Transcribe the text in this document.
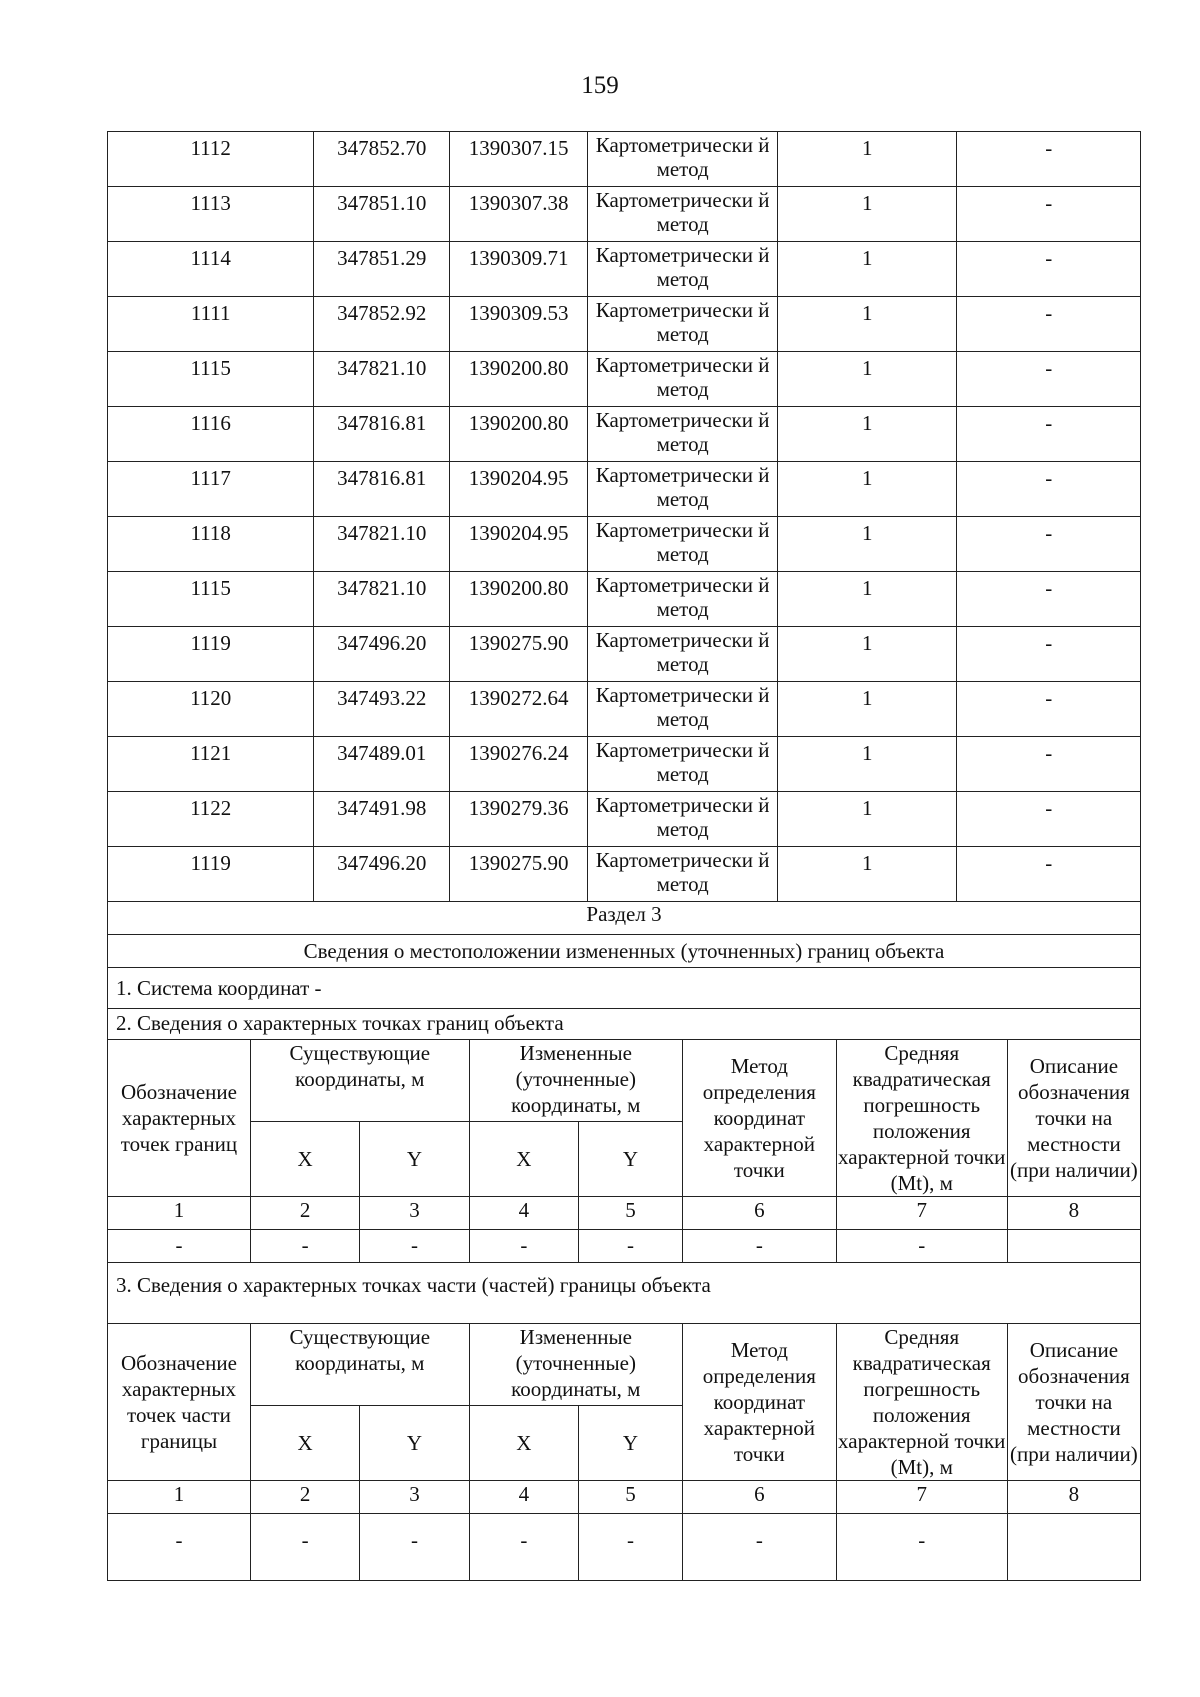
159
1112	347852.70	1390307.15	Картометрически й метод	1	-
1113	347851.10	1390307.38	Картометрически й метод	1	-
1114	347851.29	1390309.71	Картометрически й метод	1	-
1111	347852.92	1390309.53	Картометрически й метод	1	-
1115	347821.10	1390200.80	Картометрически й метод	1	-
1116	347816.81	1390200.80	Картометрически й метод	1	-
1117	347816.81	1390204.95	Картометрически й метод	1	-
1118	347821.10	1390204.95	Картометрически й метод	1	-
1115	347821.10	1390200.80	Картометрически й метод	1	-
1119	347496.20	1390275.90	Картометрически й метод	1	-
1120	347493.22	1390272.64	Картометрически й метод	1	-
1121	347489.01	1390276.24	Картометрически й метод	1	-
1122	347491.98	1390279.36	Картометрически й метод	1	-
1119	347496.20	1390275.90	Картометрически й метод	1	-
Раздел 3							
Сведения о местоположении измененных (уточненных) границ объекта							
1. Система координат -							
2. Сведения о характерных точках границ объекта							
Обозначение характерных точек границ	Существующие координаты, м		Измененные (уточненные) координаты, м		Метод определения координат характерной точки	Средняя квадратическая погрешность положения характерной точки (Mt), м	Описание обозначения точки на местности (при наличии)
	X	Y	X	Y			
1	2	3	4	5	6	7	8
-	-	-	-	-	-	-	
3. Сведения о характерных точках части (частей) границы объекта							
Обозначение характерных точек части границы	Существующие координаты, м		Измененные (уточненные) координаты, м		Метод определения координат характерной точки	Средняя квадратическая погрешность положения характерной точки (Mt), м	Описание обозначения точки на местности (при наличии)
	X	Y	X	Y			
1	2	3	4	5	6	7	8
-	-	-	-	-	-	-	
